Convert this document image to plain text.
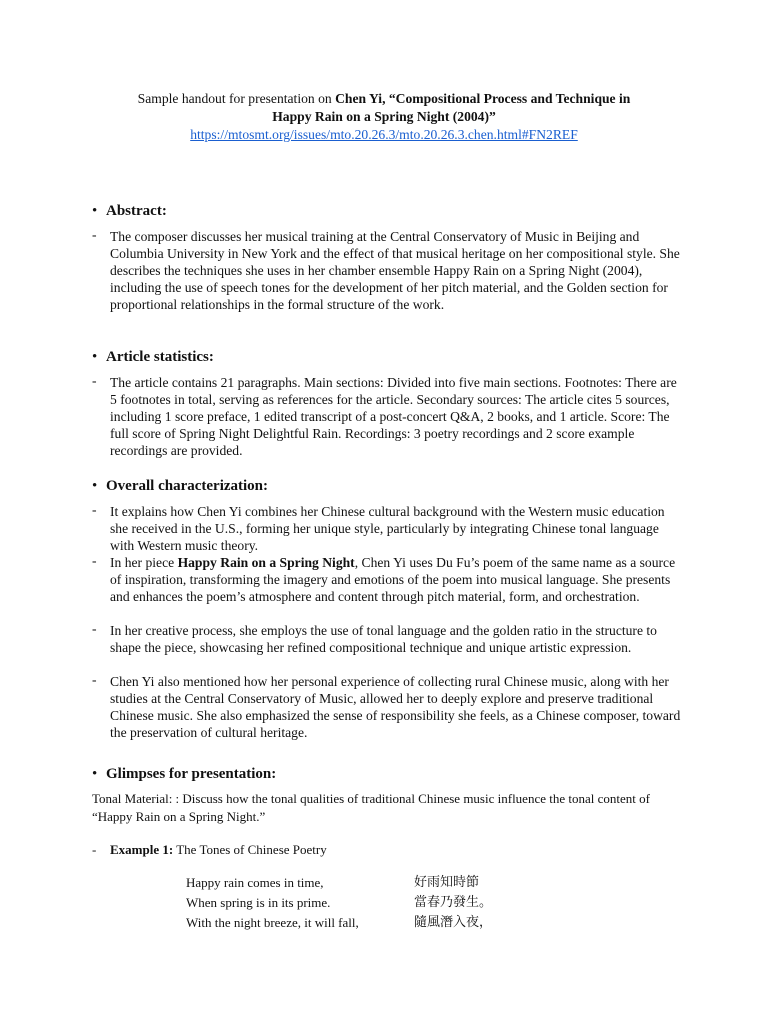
Sample handout for presentation on Chen Yi, “Compositional Process and Technique in
Happy Rain on a Spring Night (2004)”
https://mtosmt.org/issues/mto.20.26.3/mto.20.26.3.chen.html#FN2REF
• Abstract:
- The composer discusses her musical training at the Central Conservatory of Music in Beijing and Columbia University in New York and the effect of that musical heritage on her compositional style. She describes the techniques she uses in her chamber ensemble Happy Rain on a Spring Night (2004), including the use of speech tones for the development of her pitch material, and the Golden section for proportional relationships in the formal structure of the work.
• Article statistics:
- The article contains 21 paragraphs. Main sections: Divided into five main sections. Footnotes: There are 5 footnotes in total, serving as references for the article. Secondary sources: The article cites 5 sources, including 1 score preface, 1 edited transcript of a post-concert Q&A, 2 books, and 1 article. Score: The full score of Spring Night Delightful Rain. Recordings: 3 poetry recordings and 2 score example recordings are provided.
• Overall characterization:
- It explains how Chen Yi combines her Chinese cultural background with the Western music education she received in the U.S., forming her unique style, particularly by integrating Chinese tonal language with Western music theory.
- In her piece Happy Rain on a Spring Night, Chen Yi uses Du Fu’s poem of the same name as a source of inspiration, transforming the imagery and emotions of the poem into musical language. She presents and enhances the poem’s atmosphere and content through pitch material, form, and orchestration.
- In her creative process, she employs the use of tonal language and the golden ratio in the structure to shape the piece, showcasing her refined compositional technique and unique artistic expression.
- Chen Yi also mentioned how her personal experience of collecting rural Chinese music, along with her studies at the Central Conservatory of Music, allowed her to deeply explore and preserve traditional Chinese music. She also emphasized the sense of responsibility she feels, as a Chinese composer, toward the preservation of cultural heritage.
• Glimpses for presentation:
Tonal Material: : Discuss how the tonal qualities of traditional Chinese music influence the tonal content of “Happy Rain on a Spring Night.”
- Example 1: The Tones of Chinese Poetry
Happy rain comes in time,	好雨知時節
When spring is in its prime.	當春乃發生。
With the night breeze, it will fall,	隨風潛入夜，
